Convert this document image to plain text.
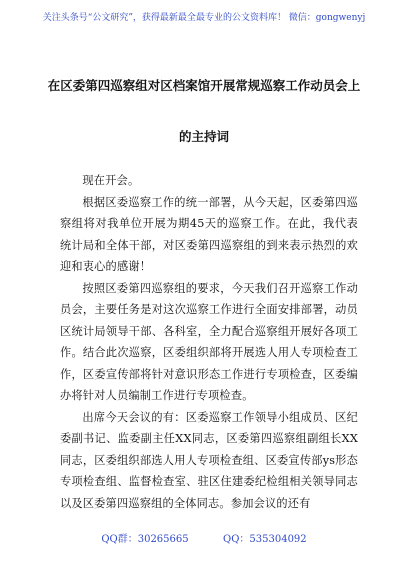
关注头条号“公文研究”，获得最新最全最专业的公文资料库！ 微信：gongwenyj
在区委第四巡察组对区档案馆开展常规巡察工作动员会上
的主持词

现在开会。

根据区委巡察工作的统一部署，从今天起，区委第四巡察组将对我单位开展为期45天的巡察工作。在此，我代表统计局和全体干部，对区委第四巡察组的到来表示热烈的欢迎和衷心的感谢！

按照区委第四巡察组的要求，今天我们召开巡察工作动员会，主要任务是对这次巡察工作进行全面安排部署，动员区统计局领导干部、各科室，全力配合巡察组开展好各项工作。结合此次巡察，区委组织部将开展选人用人专项检查工作，区委宣传部将针对意识形态工作进行专项检查，区委编办将针对人员编制工作进行专项检查。

出席今天会议的有：区委巡察工作领导小组成员、区纪委副书记、监委副主任XX同志，区委第四巡察组副组长XX同志，区委组织部选人用人专项检查组、区委宣传部ys形态专项检查组、监督检查室、驻区住建委纪检组相关领导同志以及区委第四巡察组的全体同志。参加会议的还有

QQ群：30265665	QQ：535304092
